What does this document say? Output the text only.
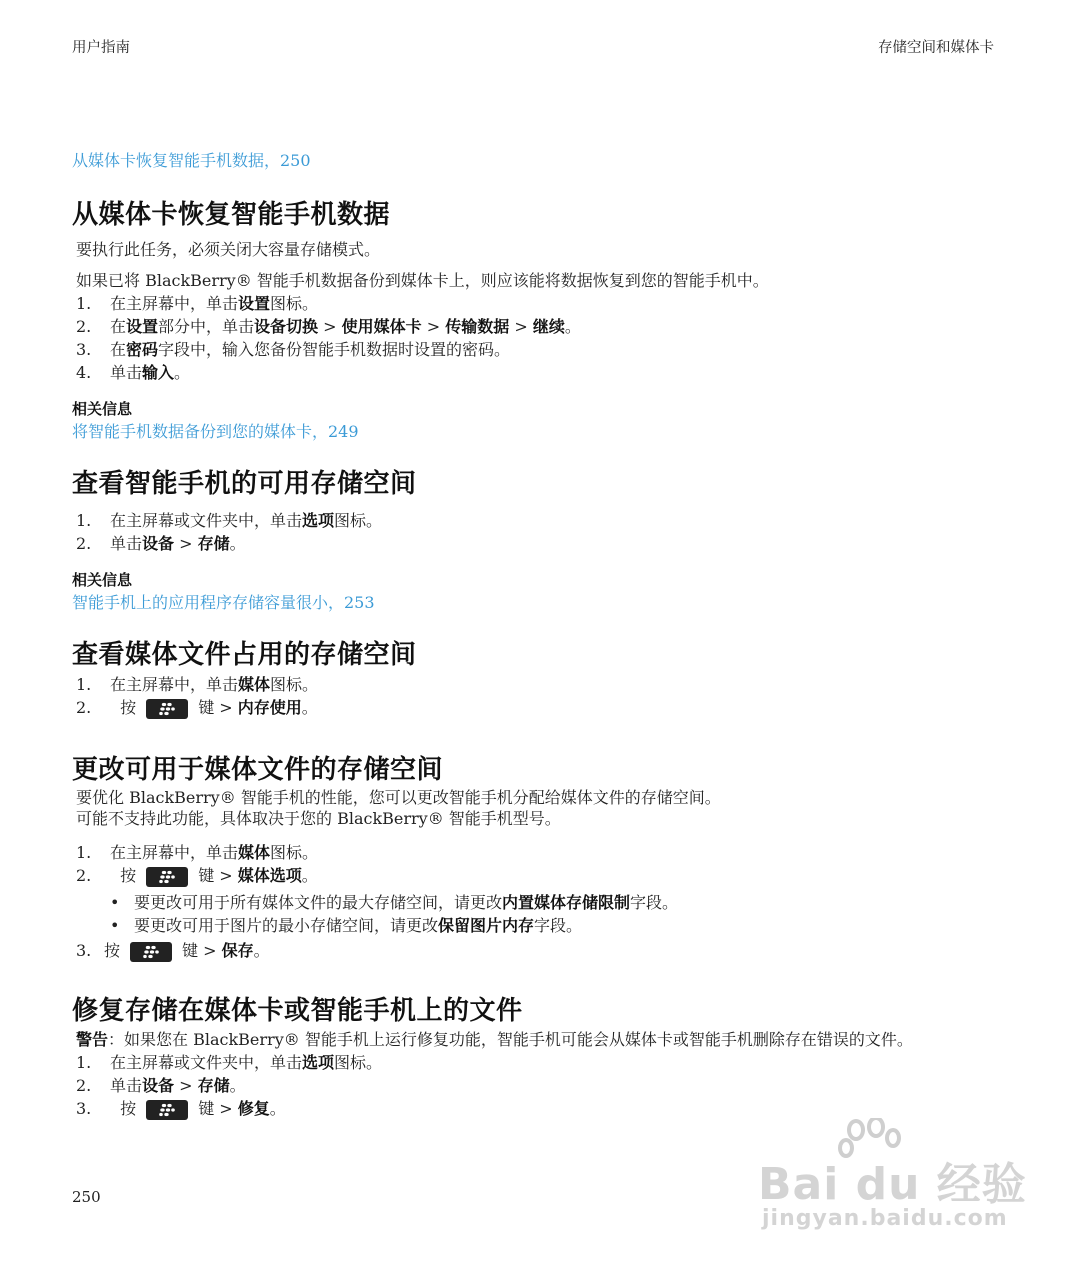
用户指南	存储空间和媒体卡
从媒体卡恢复智能手机数据，250
从媒体卡恢复智能手机数据
要执行此任务，必须关闭大容量存储模式。
如果已将 BlackBerry® 智能手机数据备份到媒体卡上，则应该能将数据恢复到您的智能手机中。
1. 在主屏幕中，单击设置图标。
2. 在设置部分中，单击设备切换 > 使用媒体卡 > 传输数据 > 继续。
3. 在密码字段中，输入您备份智能手机数据时设置的密码。
4. 单击输入。
相关信息
将智能手机数据备份到您的媒体卡，249
查看智能手机的可用存储空间
1. 在主屏幕或文件夹中，单击选项图标。
2. 单击设备 > 存储。
相关信息
智能手机上的应用程序存储容量很小，253
查看媒体文件占用的存储空间
1. 在主屏幕中，单击媒体图标。
2. 按	键 > 内存使用。
更改可用于媒体文件的存储空间
要优化 BlackBerry® 智能手机的性能，您可以更改智能手机分配给媒体文件的存储空间。
可能不支持此功能，具体取决于您的 BlackBerry® 智能手机型号。
1. 在主屏幕中，单击媒体图标。
2. 按	键 > 媒体选项。
• 要更改可用于所有媒体文件的最大存储空间，请更改内置媒体存储限制字段。
• 要更改可用于图片的最小存储空间，请更改保留图片内存字段。
3. 按	键 > 保存。
修复存储在媒体卡或智能手机上的文件
警告：如果您在 BlackBerry® 智能手机上运行修复功能，智能手机可能会从媒体卡或智能手机删除存在错误的文件。
1. 在主屏幕或文件夹中，单击选项图标。
2. 单击设备 > 存储。
3. 按	键 > 修复。
250	Bai du 经验
jingyan.baidu.com
